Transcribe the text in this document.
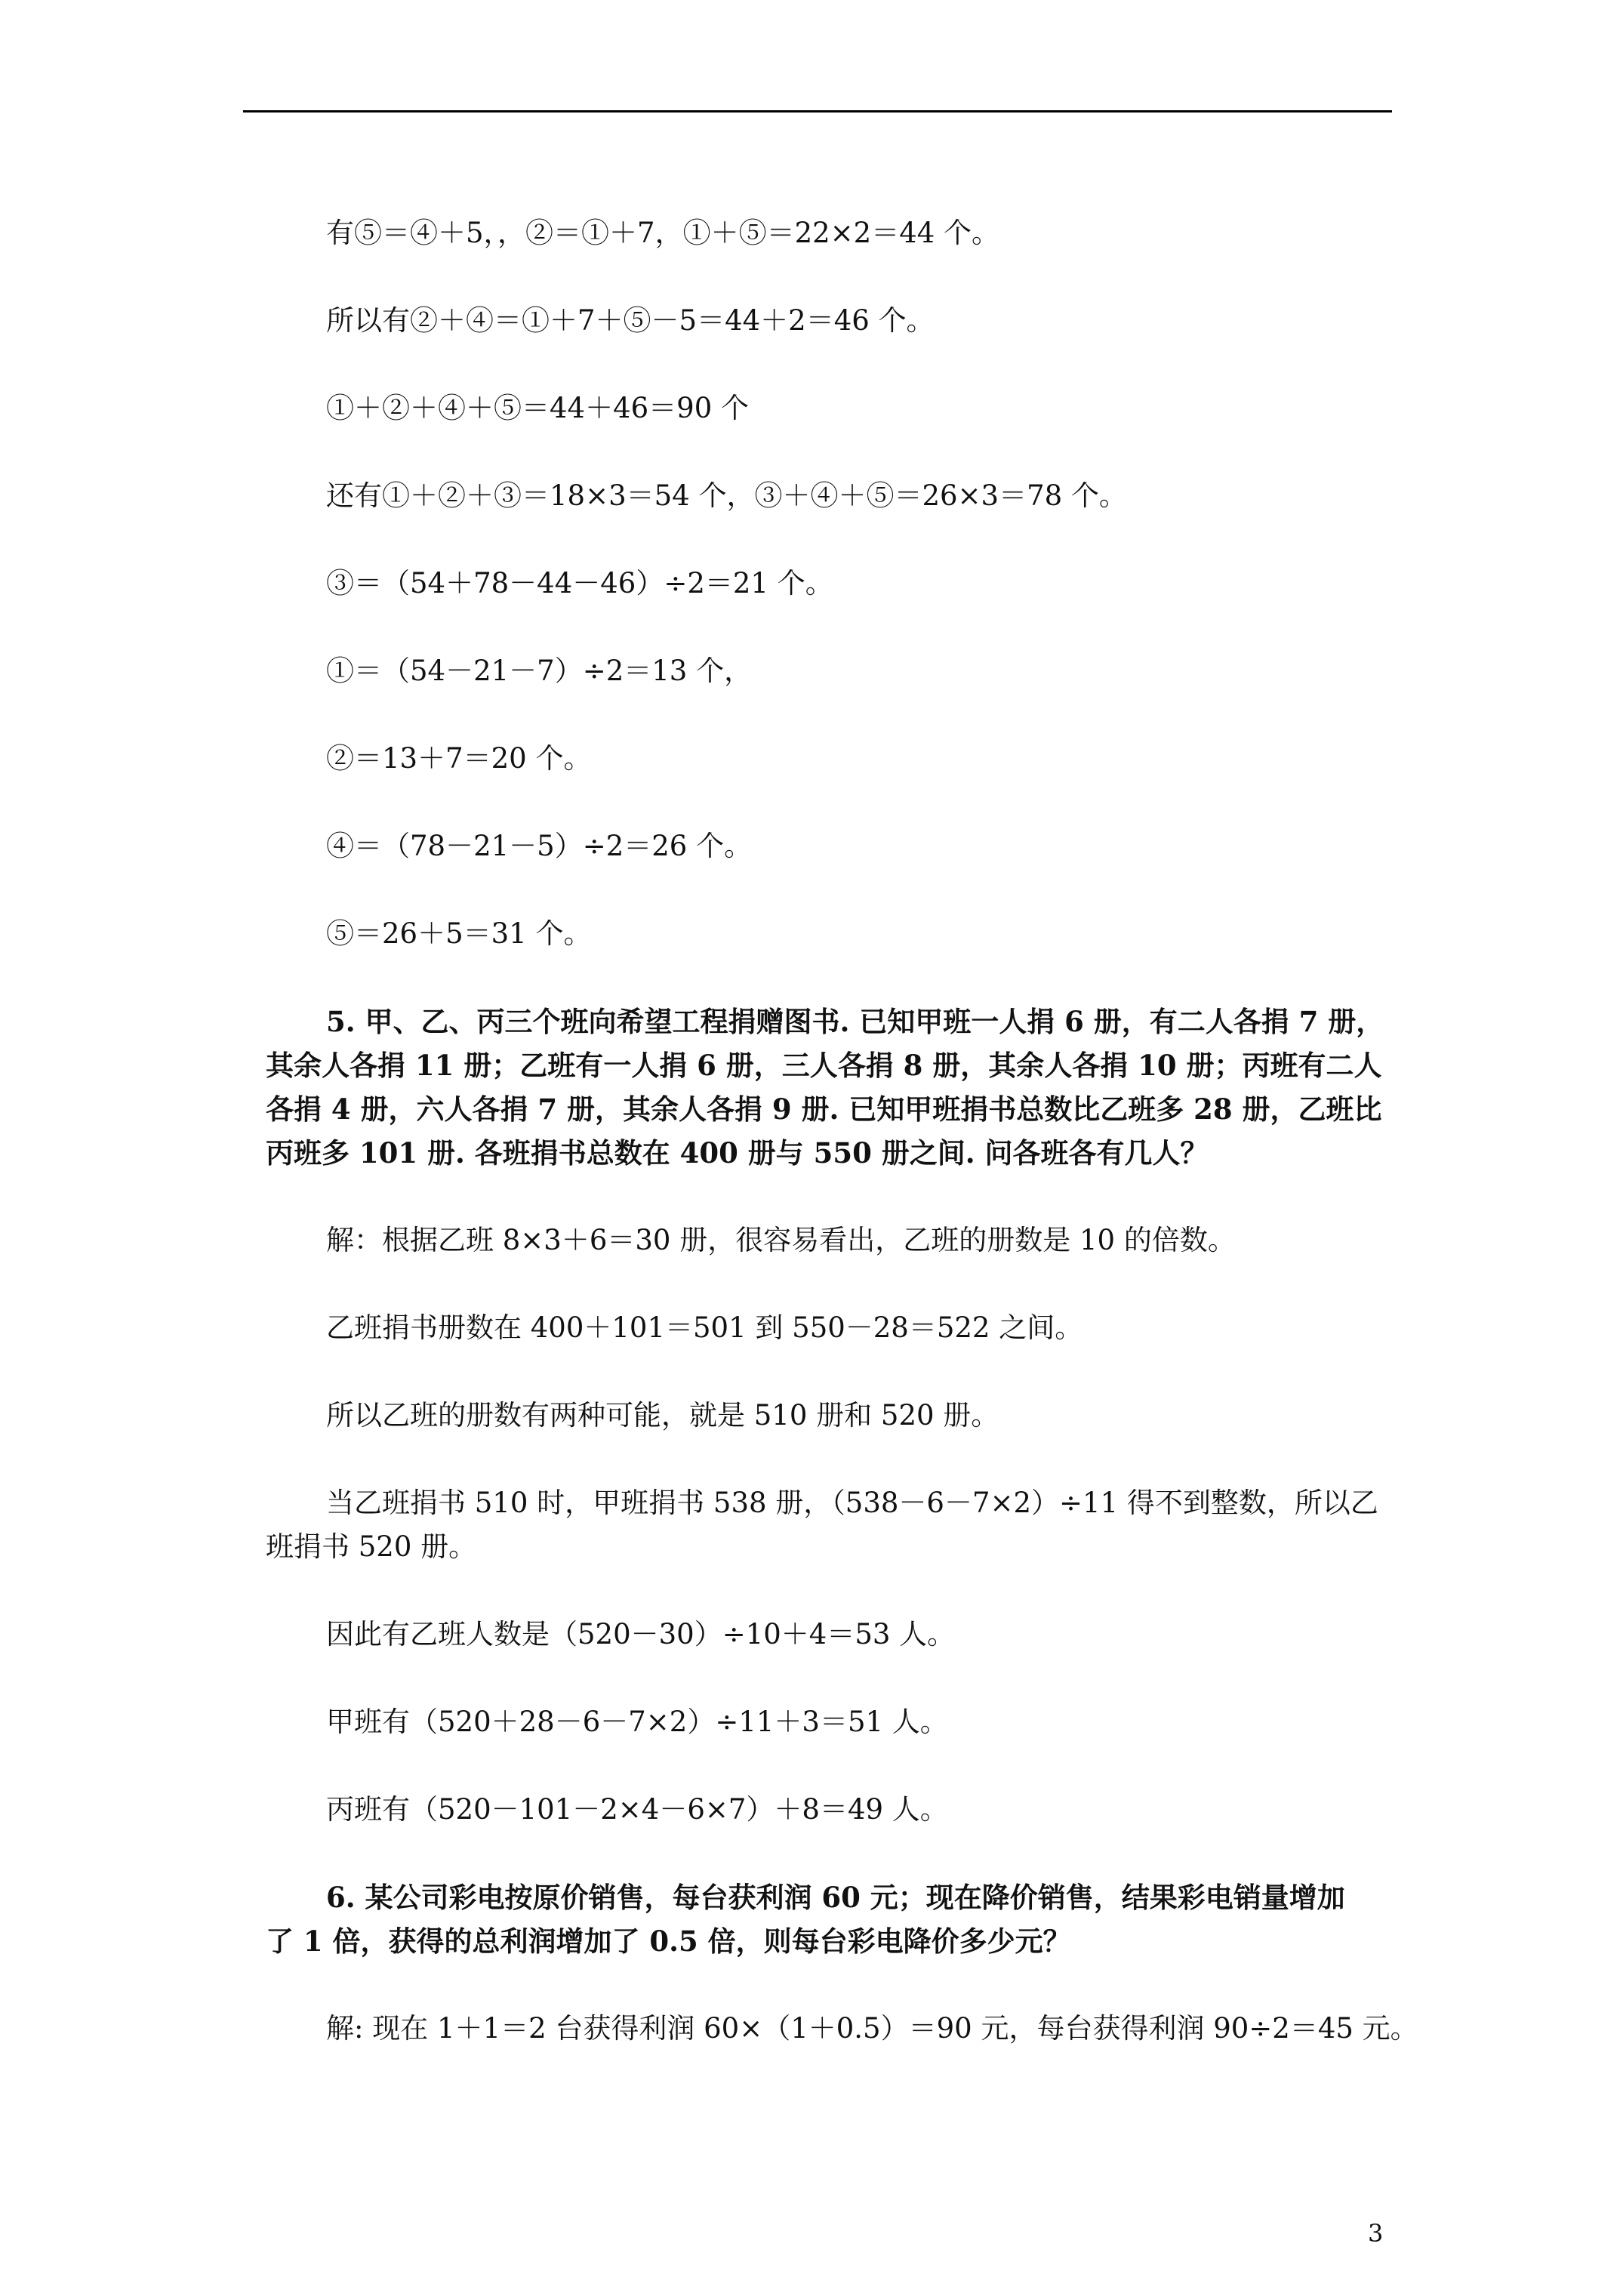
有⑤＝④＋5，，②＝①＋7，①＋⑤＝22×2＝44 个。

所以有②＋④＝①＋7＋⑤－5＝44＋2＝46 个。

①＋②＋④＋⑤＝44＋46＝90 个

还有①＋②＋③＝18×3＝54 个，③＋④＋⑤＝26×3＝78 个。

③＝（54＋78－44－46）÷2＝21 个。

①＝（54－21－7）÷2＝13 个，

②＝13＋7＝20 个。

④＝（78－21－5）÷2＝26 个。

⑤＝26＋5＝31 个。

5. 甲、乙、丙三个班向希望工程捐赠图书. 已知甲班一人捐 6 册，有二人各捐 7 册，

其余人各捐 11 册；乙班有一人捐 6 册，三人各捐 8 册，其余人各捐 10 册；丙班有二人

各捐 4 册，六人各捐 7 册，其余人各捐 9 册. 已知甲班捐书总数比乙班多 28 册，乙班比

丙班多 101 册. 各班捐书总数在 400 册与 550 册之间. 问各班各有几人？

解：根据乙班 8×3＋6＝30 册，很容易看出，乙班的册数是 10 的倍数。

乙班捐书册数在 400＋101＝501 到 550－28＝522 之间。

所以乙班的册数有两种可能，就是 510 册和 520 册。

当乙班捐书 510 时，甲班捐书 538 册，（538－6－7×2）÷11 得不到整数，所以乙

班捐书 520 册。

因此有乙班人数是（520－30）÷10＋4＝53 人。

甲班有（520＋28－6－7×2）÷11＋3＝51 人。

丙班有（520－101－2×4－6×7）＋8＝49 人。

6. 某公司彩电按原价销售，每台获利润 60 元；现在降价销售，结果彩电销量增加

了 1 倍，获得的总利润增加了 0.5 倍，则每台彩电降价多少元？

解: 现在 1＋1＝2 台获得利润 60×（1＋0.5）＝90 元，每台获得利润 90÷2＝45 元。

3
